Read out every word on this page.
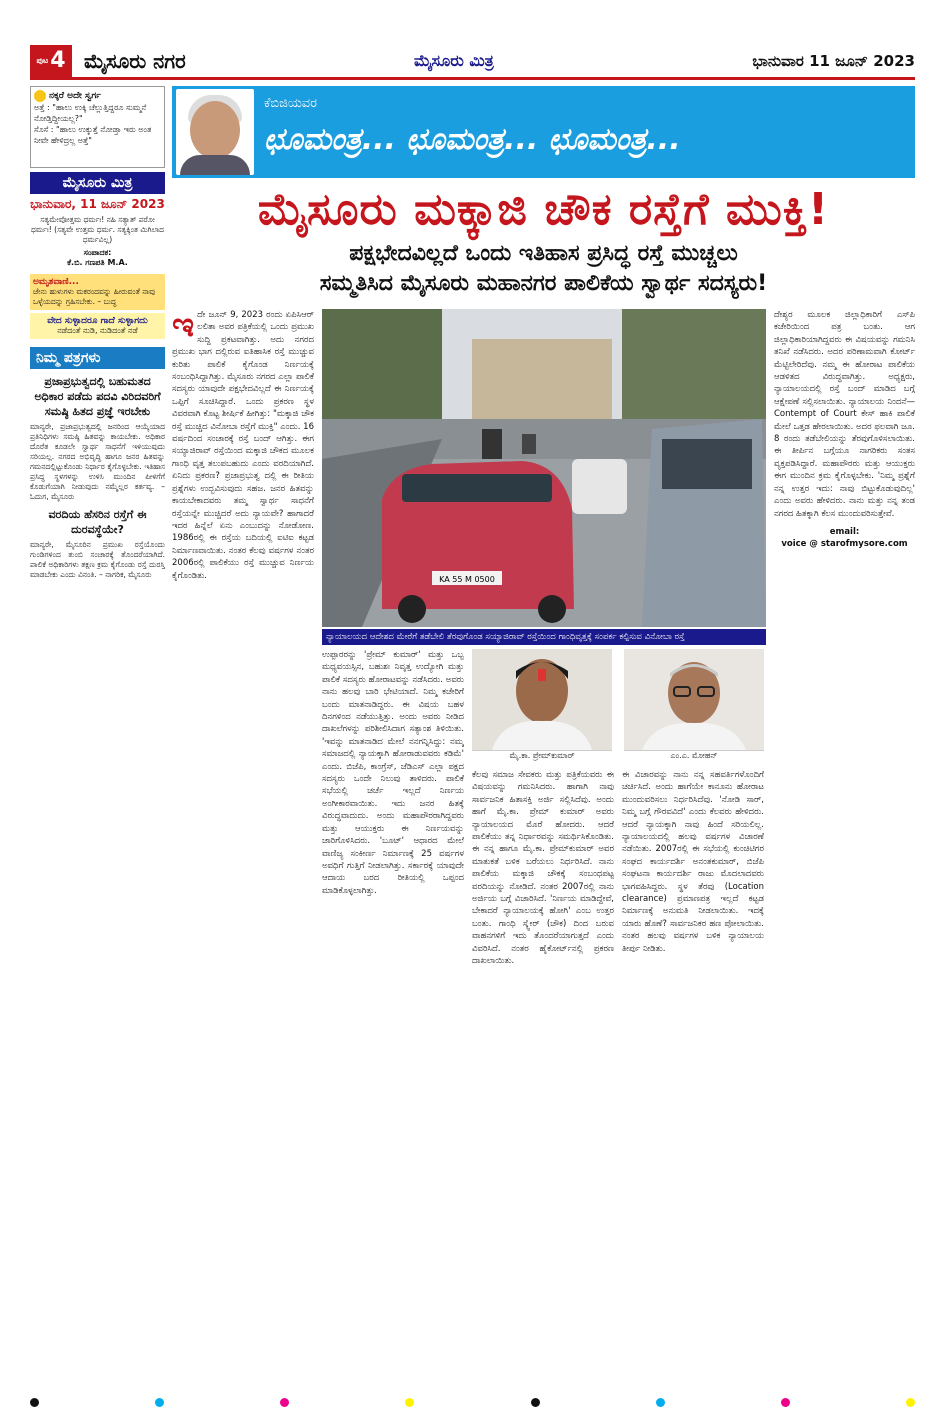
ಪುಟ 4 ಮೈಸೂರು ನಗರ	ಮೈಸೂರು ಮಿತ್ರ	ಭಾನುವಾರ 11 ಜೂನ್ 2023
ನಕ್ಕರೆ ಅದೇ ಸ್ವರ್ಗ
ಅತ್ತೆ : "ಹಾಲು ಉಕ್ಕಿ ಚೆಲ್ಲುತ್ತಿದ್ದರೂ ಸುಮ್ಮನೆ ನೋಡ್ತಿದ್ದೀಯಲ್ಲ?"
ಸೊಸೆ : "ಹಾಲು ಉಕ್ಕುತ್ತೆ ನೋಡ್ತಾ ಇರು ಅಂತ ನೀವೇ ಹೇಳಿದ್ರಲ್ಲ ಅತ್ತೆ"
ಮೈಸೂರು ಮಿತ್ರ
ಭಾನುವಾರ, 11 ಜೂನ್ 2023
ಸತ್ಯಮೇವೋತ್ತಮ ಧರ್ಮಃ! ನಹಿ ಸತ್ಯಾತ್ ಪರೋ ಧರ್ಮಃ! (ಸತ್ಯವೇ ಉತ್ತಮ ಧರ್ಮ. ಸತ್ಯಕ್ಕಿಂತ ಮಿಗಿಲಾದ ಧರ್ಮವಿಲ್ಲ)
ಸಂಪಾದಕ:
ಕೆ.ಬಿ. ಗಣಪತಿ M.A.
ಅಮೃತವಾಣಿ...
ಜೇನು ಹುಳುಗಳು ಮಕರಂದವನ್ನು ಹೀರುವಂತೆ ನಾವು ಒಳ್ಳೆಯದನ್ನು ಗ್ರಹಿಸಬೇಕು. – ಬುದ್ಧ
ವೇದ ಸುಳ್ಳಾದರೂ ಗಾದೆ ಸುಳ್ಳಾಗದು
ನಡೆದಂತೆ ನುಡಿ, ನುಡಿದಂತೆ ನಡೆ
ನಿಮ್ಮ ಪತ್ರಗಳು
ಪ್ರಜಾಪ್ರಭುತ್ವದಲ್ಲಿ ಬಹುಮತದ ಅಧಿಕಾರ ಪಡೆದು ಪದವಿ ವಿರಿದವರಿಗೆ ಸಮಷ್ಠಿ ಹಿತದ ಪ್ರಜ್ಞೆ ಇರಬೇಕು
ಮಾನ್ಯರೇ, ಪ್ರಜಾಪ್ರಭುತ್ವದಲ್ಲಿ ಜನರಿಂದ ಆಯ್ಕೆಯಾದ ಪ್ರತಿನಿಧಿಗಳು ಸಮಷ್ಠಿ ಹಿತವನ್ನು ಕಾಯಬೇಕು. ಅಧಿಕಾರ ದೊರೆತ ಕೂಡಲೇ ಸ್ವಾರ್ಥ ಸಾಧನೆಗೆ ಇಳಿಯುವುದು ಸರಿಯಲ್ಲ. ನಗರದ ಅಭಿವೃದ್ಧಿ ಹಾಗೂ ಜನರ ಹಿತವನ್ನು ಗಮನದಲ್ಲಿಟ್ಟುಕೊಂಡು ನಿರ್ಧಾರ ಕೈಗೊಳ್ಳಬೇಕು. ಇತಿಹಾಸ ಪ್ರಸಿದ್ಧ ಸ್ಥಳಗಳನ್ನು ಉಳಿಸಿ ಮುಂದಿನ ಪೀಳಿಗೆಗೆ ಕೊಡುಗೆಯಾಗಿ ನೀಡುವುದು ನಮ್ಮೆಲ್ಲರ ಕರ್ತವ್ಯ. – ಓದುಗ, ಮೈಸೂರು
ವರದಿಯ ಹೆಸರಿನ ರಸ್ತೆಗೆ ಈ ದುರವಸ್ಥೆಯೇ?
ಮಾನ್ಯರೇ, ಮೈಸೂರಿನ ಪ್ರಮುಖ ರಸ್ತೆಯೊಂದು ಗುಂಡಿಗಳಿಂದ ತುಂಬಿ ಸಂಚಾರಕ್ಕೆ ತೊಂದರೆಯಾಗಿದೆ. ಪಾಲಿಕೆ ಅಧಿಕಾರಿಗಳು ತಕ್ಷಣ ಕ್ರಮ ಕೈಗೊಂಡು ರಸ್ತೆ ದುರಸ್ತಿ ಮಾಡಬೇಕು ಎಂದು ವಿನಂತಿ. – ನಾಗರಿಕ, ಮೈಸೂರು
ಕೆಬಿಜಿಯವರ
ಛೂಮಂತ್ರ... ಛೂಮಂತ್ರ... ಛೂಮಂತ್ರ...
ಮೈಸೂರು ಮಕ್ಕಾಜಿ ಚೌಕ ರಸ್ತೆಗೆ ಮುಕ್ತಿ!
ಪಕ್ಷಭೇದವಿಲ್ಲದೆ ಒಂದು ಇತಿಹಾಸ ಪ್ರಸಿದ್ಧ ರಸ್ತೆ ಮುಚ್ಚಲು
ಸಮ್ಮತಿಸಿದ ಮೈಸೂರು ಮಹಾನಗರ ಪಾಲಿಕೆಯ ಸ್ವಾರ್ಥ ಸದಸ್ಯರು!
ಇ ದೇ ಜೂನ್ 9, 2023 ರಂದು ಏಪಿಸಿಆರ್ ಲಲಿತಾ ಅವರ ಪತ್ರಿಕೆಯಲ್ಲಿ ಒಂದು ಪ್ರಮುಖ ಸುದ್ದಿ ಪ್ರಕಟವಾಗಿತ್ತು. ಅದು ನಗರದ ಪ್ರಮುಖ ಭಾಗ ದಲ್ಲಿರುವ ಐತಿಹಾಸಿಕ ರಸ್ತೆ ಮುಚ್ಚುವ ಕುರಿತು ಪಾಲಿಕೆ ಕೈಗೊಂಡ ನಿರ್ಣಯಕ್ಕೆ ಸಂಬಂಧಿಸಿದ್ದಾಗಿತ್ತು. ಮೈಸೂರು ನಗರದ ಎಲ್ಲಾ ಪಾಲಿಕೆ ಸದಸ್ಯರು ಯಾವುದೇ ಪಕ್ಷಭೇದವಿಲ್ಲದೆ ಈ ನಿರ್ಣಯಕ್ಕೆ ಒಪ್ಪಿಗೆ ಸೂಚಿಸಿದ್ದಾರೆ. ಒಂದು ಪ್ರಕರಣ ಸ್ಥಳ ವಿವರವಾಗಿ ಕೊಟ್ಟ ಶೀರ್ಷಿಕೆ ಹೀಗಿತ್ತು: "ಮಕ್ಕಾಜಿ ಚೌಕ ರಸ್ತೆ ಮುಚ್ಚಿದ ವಿನೋಬಾ ರಸ್ತೆಗೆ ಮುಕ್ತಿ" ಎಂದು. 16 ವರ್ಷದಿಂದ ಸಂಚಾರಕ್ಕೆ ರಸ್ತೆ ಬಂದ್ ಆಗಿತ್ತು. ಈಗ ಸಯ್ಯಾಜಿರಾವ್ ರಸ್ತೆಯಿಂದ ಮಕ್ಕಾಜಿ ಚೌಕದ ಮೂಲಕ ಗಾಂಧಿ ವೃತ್ತ ತಲುಪಬಹುದು ಎಂದು ವರದಿಯಾಗಿದೆ. ಏನಿದು ಪ್ರಕರಣ? ಪ್ರಜಾಪ್ರಭುತ್ವ ದಲ್ಲಿ ಈ ರೀತಿಯ ಪ್ರಶ್ನೆಗಳು ಉದ್ಭವಿಸುವುದು ಸಹಜ. ಜನರ ಹಿತವನ್ನು ಕಾಯಬೇಕಾದವರು ತಮ್ಮ ಸ್ವಾರ್ಥ ಸಾಧನೆಗೆ ರಸ್ತೆಯನ್ನೇ ಮುಚ್ಚಿದರೆ ಅದು ನ್ಯಾಯವೇ? ಹಾಗಾದರೆ ಇದರ ಹಿನ್ನೆಲೆ ಏನು ಎಂಬುದನ್ನು ನೋಡೋಣ. 1986ರಲ್ಲಿ ಈ ರಸ್ತೆಯ ಬದಿಯಲ್ಲಿ ಐಟಿಐ ಕಟ್ಟಡ ನಿರ್ಮಾಣವಾಯಿತು. ನಂತರ ಕೆಲವು ವರ್ಷಗಳ ನಂತರ 2006ರಲ್ಲಿ ಪಾಲಿಕೆಯು ರಸ್ತೆ ಮುಚ್ಚುವ ನಿರ್ಣಯ ಕೈಗೊಂಡಿತು.	KA 55 M 0500
ನ್ಯಾಯಾಲಯದ ಆದೇಶದ ಮೇರೆಗೆ ತಡೆಬೇಲಿ ತೆರವುಗೊಂಡ ಸಯ್ಯಾಜಿರಾವ್ ರಸ್ತೆಯಿಂದ ಗಾಂಧಿವೃತ್ತಕ್ಕೆ ಸಂಪರ್ಕ ಕಲ್ಪಿಸುವ ವಿನೋಬಾ ರಸ್ತೆ
ಉಪ್ಪಾರರನ್ನು 'ಪ್ರೇಮ್ ಕುಮಾರ್' ಮತ್ತು ಒಬ್ಬ ಮಧ್ಯವಯಸ್ಸಿನ, ಬಹುಶಃ ನಿವೃತ್ತ ಉದ್ಯೋಗಿ ಮತ್ತು ಪಾಲಿಕೆ ಸದಸ್ಯರು ಹೋರಾಟವನ್ನು ನಡೆಸಿದರು. ಅವರು ನಾನು ಹಲವು ಬಾರಿ ಭೇಟಿಯಾದೆ. ನಿಮ್ಮ ಕಚೇರಿಗೆ ಬಂದು ಮಾತನಾಡಿದ್ದರು. ಈ ವಿಷಯ ಬಹಳ ದಿನಗಳಿಂದ ನಡೆಯುತ್ತಿತ್ತು. ಅಂದು ಅವರು ನೀಡಿದ ದಾಖಲೆಗಳನ್ನು ಪರಿಶೀಲಿಸಿದಾಗ ಸತ್ಯಾಂಶ ತಿಳಿಯಿತು. 'ಇವನ್ನು ಮಾತನಾಡಿದ ಮೇಲೆ ನನಗನ್ನಿಸಿದ್ದು: ನಮ್ಮ ಸಮಾಜದಲ್ಲಿ ನ್ಯಾಯಕ್ಕಾಗಿ ಹೋರಾಡುವವರು ಕಡಿಮೆ' ಎಂದು. ಬಿಜೆಪಿ, ಕಾಂಗ್ರೆಸ್, ಜೆಡಿಎಸ್ ಎಲ್ಲಾ ಪಕ್ಷದ ಸದಸ್ಯರು ಒಂದೇ ನಿಲುವು ತಾಳಿದರು. ಪಾಲಿಕೆ ಸಭೆಯಲ್ಲಿ ಚರ್ಚೆ ಇಲ್ಲದೆ ನಿರ್ಣಯ ಅಂಗೀಕಾರವಾಯಿತು. ಇದು ಜನರ ಹಿತಕ್ಕೆ ವಿರುದ್ಧವಾದುದು. ಅಂದು ಮಹಾಪೌರರಾಗಿದ್ದವರು ಮತ್ತು ಆಯುಕ್ತರು ಈ ನಿರ್ಣಯವನ್ನು ಜಾರಿಗೊಳಿಸಿದರು. 'ಬೂಟ್' ಆಧಾರದ ಮೇಲೆ ವಾಣಿಜ್ಯ ಸಂಕೀರ್ಣ ನಿರ್ಮಾಣಕ್ಕೆ 25 ವರ್ಷಗಳ ಅವಧಿಗೆ ಗುತ್ತಿಗೆ ನೀಡಲಾಗಿತ್ತು. ಸರ್ಕಾರಕ್ಕೆ ಯಾವುದೇ ಆದಾಯ ಬರದ ರೀತಿಯಲ್ಲಿ ಒಪ್ಪಂದ ಮಾಡಿಕೊಳ್ಳಲಾಗಿತ್ತು.
ಮೈ.ಕಾ. ಪ್ರೇಮ್‌ಕುಮಾರ್	ಎಂ.ಎ. ಮೋಹನ್
ಕೆಲವು ಸಮಾಜ ಸೇವಕರು ಮತ್ತು ಪತ್ರಿಕೆಯವರು ಈ ವಿಷಯವನ್ನು ಗಮನಿಸಿದರು. ಹಾಗಾಗಿ ನಾವು ಸಾರ್ವಜನಿಕ ಹಿತಾಸಕ್ತಿ ಅರ್ಜಿ ಸಲ್ಲಿಸಿದೆವು. ಅಂದು ಹಾಗೆ ಮೈ.ಕಾ. ಪ್ರೇಮ್ ಕುಮಾರ್ ಅವರು ನ್ಯಾಯಾಲಯದ ಮೊರೆ ಹೋದರು. ಆದರೆ ಪಾಲಿಕೆಯು ತನ್ನ ನಿರ್ಧಾರವನ್ನು ಸಮರ್ಥಿಸಿಕೊಂಡಿತು. ಈ ನನ್ನ ಹಾಗೂ ಮೈ.ಕಾ. ಪ್ರೇಮ್‌ಕುಮಾರ್ ಅವರ ಮಾತುಕತೆ ಬಳಿಕ ಬರೆಯಲು ನಿರ್ಧರಿಸಿದೆ. ನಾನು ಪಾಲಿಕೆಯ ಮಕ್ಕಾಜಿ ಚೌಕಕ್ಕೆ ಸಂಬಂಧಪಟ್ಟ ವರದಿಯನ್ನು ನೋಡಿದೆ. ನಂತರ 2007ರಲ್ಲಿ ನಾನು ಅರ್ಜಿಯ ಬಗ್ಗೆ ವಿಚಾರಿಸಿದೆ. 'ನಿರ್ಣಯ ಮಾಡಿದ್ದೇವೆ, ಬೇಕಾದರೆ ನ್ಯಾಯಾಲಯಕ್ಕೆ ಹೋಗಿ' ಎಂಬ ಉತ್ತರ ಬಂತು. ಗಾಂಧಿ ಸ್ಕ್ವೇರ್ (ಚೌಕ) ದಿಂದ ಬರುವ ವಾಹನಗಳಿಗೆ ಇದು ತೊಂದರೆಯಾಗುತ್ತದೆ ಎಂದು ವಿವರಿಸಿದೆ. ನಂತರ ಹೈಕೋರ್ಟ್‌ನಲ್ಲಿ ಪ್ರಕರಣ ದಾಖಲಾಯಿತು.
ಈ ವಿಚಾರವನ್ನು ನಾನು ನನ್ನ ಸಹವರ್ತಿಗಳೊಂದಿಗೆ ಚರ್ಚಿಸಿದೆ. ಅಂದು ಹಾಗೆಯೇ ಕಾನೂನು ಹೋರಾಟ ಮುಂದುವರಿಸಲು ನಿರ್ಧರಿಸಿದೆವು. 'ನೋಡಿ ಸಾರ್, ನಿಮ್ಮ ಬಗ್ಗೆ ಗೌರವವಿದೆ' ಎಂದು ಕೆಲವರು ಹೇಳಿದರು. ಆದರೆ ನ್ಯಾಯಕ್ಕಾಗಿ ನಾವು ಹಿಂದೆ ಸರಿಯಲಿಲ್ಲ. ನ್ಯಾಯಾಲಯದಲ್ಲಿ ಹಲವು ವರ್ಷಗಳ ವಿಚಾರಣೆ ನಡೆಯಿತು. 2007ರಲ್ಲಿ ಈ ಸಭೆಯಲ್ಲಿ ಕುಂಚಿಟಿಗರ ಸಂಘದ ಕಾರ್ಯದರ್ಶಿ ಅನಂತಕುಮಾರ್, ಬಿಜೆಪಿ ಸಂಘಟನಾ ಕಾರ್ಯದರ್ಶಿ ರಾಜು ಮೊದಲಾದವರು ಭಾಗವಹಿಸಿದ್ದರು. ಸ್ಥಳ ತೆರವು (Location clearance) ಪ್ರಮಾಣಪತ್ರ ಇಲ್ಲದೆ ಕಟ್ಟಡ ನಿರ್ಮಾಣಕ್ಕೆ ಅನುಮತಿ ನೀಡಲಾಯಿತು. ಇದಕ್ಕೆ ಯಾರು ಹೊಣೆ? ಸಾರ್ವಜನಿಕರ ಹಣ ಪೋಲಾಯಿತು. ನಂತರ ಹಲವು ವರ್ಷಗಳ ಬಳಿಕ ನ್ಯಾಯಾಲಯ ತೀರ್ಪು ನೀಡಿತು.
ದೇಶ್ಯರ ಮೂಲಕ ಜಿಲ್ಲಾಧಿಕಾರಿಗೆ ಎಸ್‌ಪಿ ಕಚೇರಿಯಿಂದ ಪತ್ರ ಬಂತು. ಆಗ ಜಿಲ್ಲಾಧಿಕಾರಿಯಾಗಿದ್ದವರು ಈ ವಿಷಯವನ್ನು ಗಮನಿಸಿ ತನಿಖೆ ನಡೆಸಿದರು. ಅದರ ಪರಿಣಾಮವಾಗಿ ಕೋರ್ಟ್ ಮೆಟ್ಟಿಲೇರಿದೆವು. ನಮ್ಮ ಈ ಹೋರಾಟ ಪಾಲಿಕೆಯ ಆಡಳಿತದ ವಿರುದ್ಧವಾಗಿತ್ತು. ಅಧ್ಯಕ್ಷರು, ನ್ಯಾಯಾಲಯದಲ್ಲಿ ರಸ್ತೆ ಬಂದ್ ಮಾಡಿದ ಬಗ್ಗೆ ಆಕ್ಷೇಪಣೆ ಸಲ್ಲಿಸಲಾಯಿತು. ನ್ಯಾಯಾಲಯ ನಿಂದನೆ—Contempt of Court ಕೇಸ್ ಹಾಕಿ ಪಾಲಿಕೆ ಮೇಲೆ ಒತ್ತಡ ಹೇರಲಾಯಿತು. ಅದರ ಫಲವಾಗಿ ಜೂ. 8 ರಂದು ತಡೆಬೇಲಿಯನ್ನು ತೆರವುಗೊಳಿಸಲಾಯಿತು. ಈ ತೀರ್ಪಿನ ಬಗ್ಗೆಯೂ ನಾಗರಿಕರು ಸಂತಸ ವ್ಯಕ್ತಪಡಿಸಿದ್ದಾರೆ. ಮಹಾಪೌರರು ಮತ್ತು ಆಯುಕ್ತರು ಈಗ ಮುಂದಿನ ಕ್ರಮ ಕೈಗೊಳ್ಳಬೇಕು. 'ನಿಮ್ಮ ಪ್ರಶ್ನೆಗೆ ನನ್ನ ಉತ್ತರ ಇದು: ನಾವು ಬಿಟ್ಟುಕೊಡುವುದಿಲ್ಲ' ಎಂದು ಅವರು ಹೇಳಿದರು. ನಾನು ಮತ್ತು ನನ್ನ ತಂಡ ನಗರದ ಹಿತಕ್ಕಾಗಿ ಕೆಲಸ ಮುಂದುವರಿಸುತ್ತೇವೆ.
email:
voice @ starofmysore.com
